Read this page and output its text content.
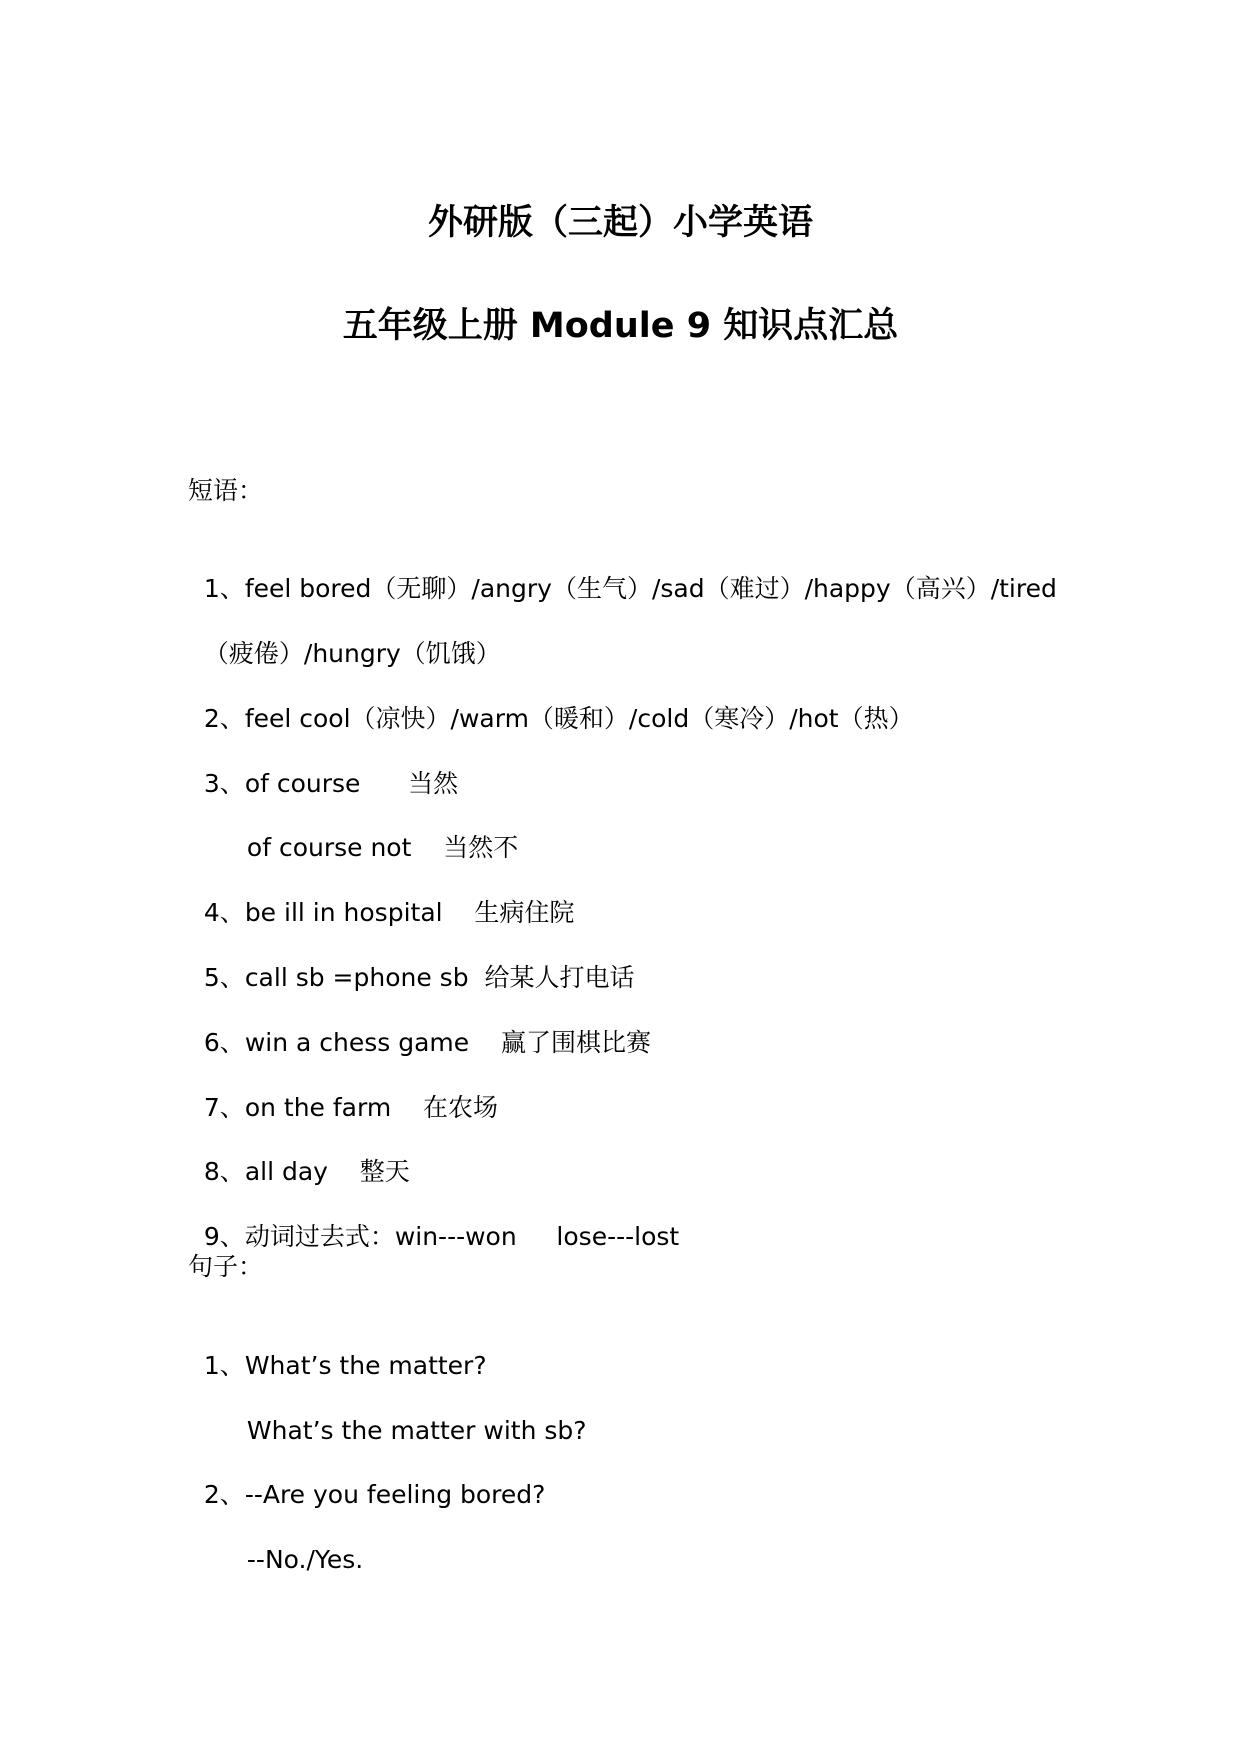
外研版（三起）小学英语
五年级上册 Module 9 知识点汇总
短语：

1、feel bored（无聊）/angry（生气）/sad（难过）/happy（高兴）/tired

（疲倦）/hungry（饥饿）

2、feel cool（凉快）/warm（暖和）/cold（寒冷）/hot（热）

3、of course      当然

of course not    当然不

4、be ill in hospital    生病住院

5、call sb =phone sb  给某人打电话

6、win a chess game    赢了围棋比赛

7、on the farm    在农场

8、all day    整天

9、动词过去式：win---won     lose---lost

句子：

1、What’s the matter?

What’s the matter with sb?

2、--Are you feeling bored?

--No./Yes.
